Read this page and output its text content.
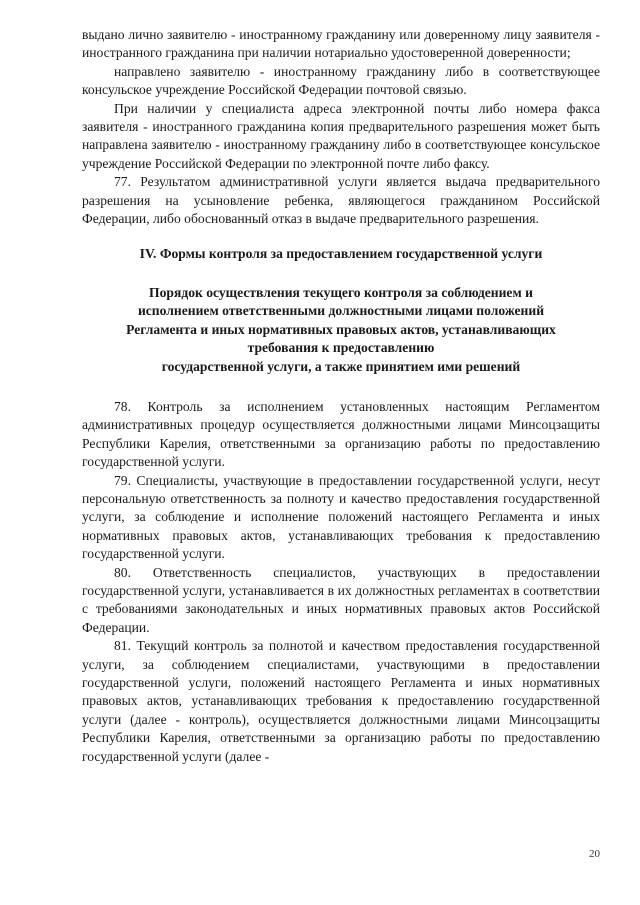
выдано лично заявителю - иностранному гражданину или доверенному лицу заявителя - иностранного гражданина при наличии нотариально удостоверенной доверенности;

направлено заявителю - иностранному гражданину либо в соответствующее консульское учреждение Российской Федерации почтовой связью.

При наличии у специалиста адреса электронной почты либо номера факса заявителя - иностранного гражданина копия предварительного разрешения может быть направлена заявителю - иностранному гражданину либо в соответствующее консульское учреждение Российской Федерации по электронной почте либо факсу.

77. Результатом административной услуги является выдача предварительного разрешения на усыновление ребенка, являющегося гражданином Российской Федерации, либо обоснованный отказ в выдаче предварительного разрешения.

IV. Формы контроля за предоставлением государственной услуги

Порядок осуществления текущего контроля за соблюдением и
исполнением ответственными должностными лицами положений
Регламента и иных нормативных правовых актов, устанавливающих
требования к предоставлению
государственной услуги, а также принятием ими решений

78. Контроль за исполнением установленных настоящим Регламентом административных процедур осуществляется должностными лицами Минсоцзащиты Республики Карелия, ответственными за организацию работы по предоставлению государственной услуги.

79. Специалисты, участвующие в предоставлении государственной услуги, несут персональную ответственность за полноту и качество предоставления государственной услуги, за соблюдение и исполнение положений настоящего Регламента и иных нормативных правовых актов, устанавливающих требования к предоставлению государственной услуги.

80. Ответственность специалистов, участвующих в предоставлении государственной услуги, устанавливается в их должностных регламентах в соответствии с требованиями законодательных и иных нормативных правовых актов Российской Федерации.

81. Текущий контроль за полнотой и качеством предоставления государственной услуги, за соблюдением специалистами, участвующими в предоставлении государственной услуги, положений настоящего Регламента и иных нормативных правовых актов, устанавливающих требования к предоставлению государственной услуги (далее - контроль), осуществляется должностными лицами Минсоцзащиты Республики Карелия, ответственными за организацию работы по предоставлению государственной услуги (далее -

20
